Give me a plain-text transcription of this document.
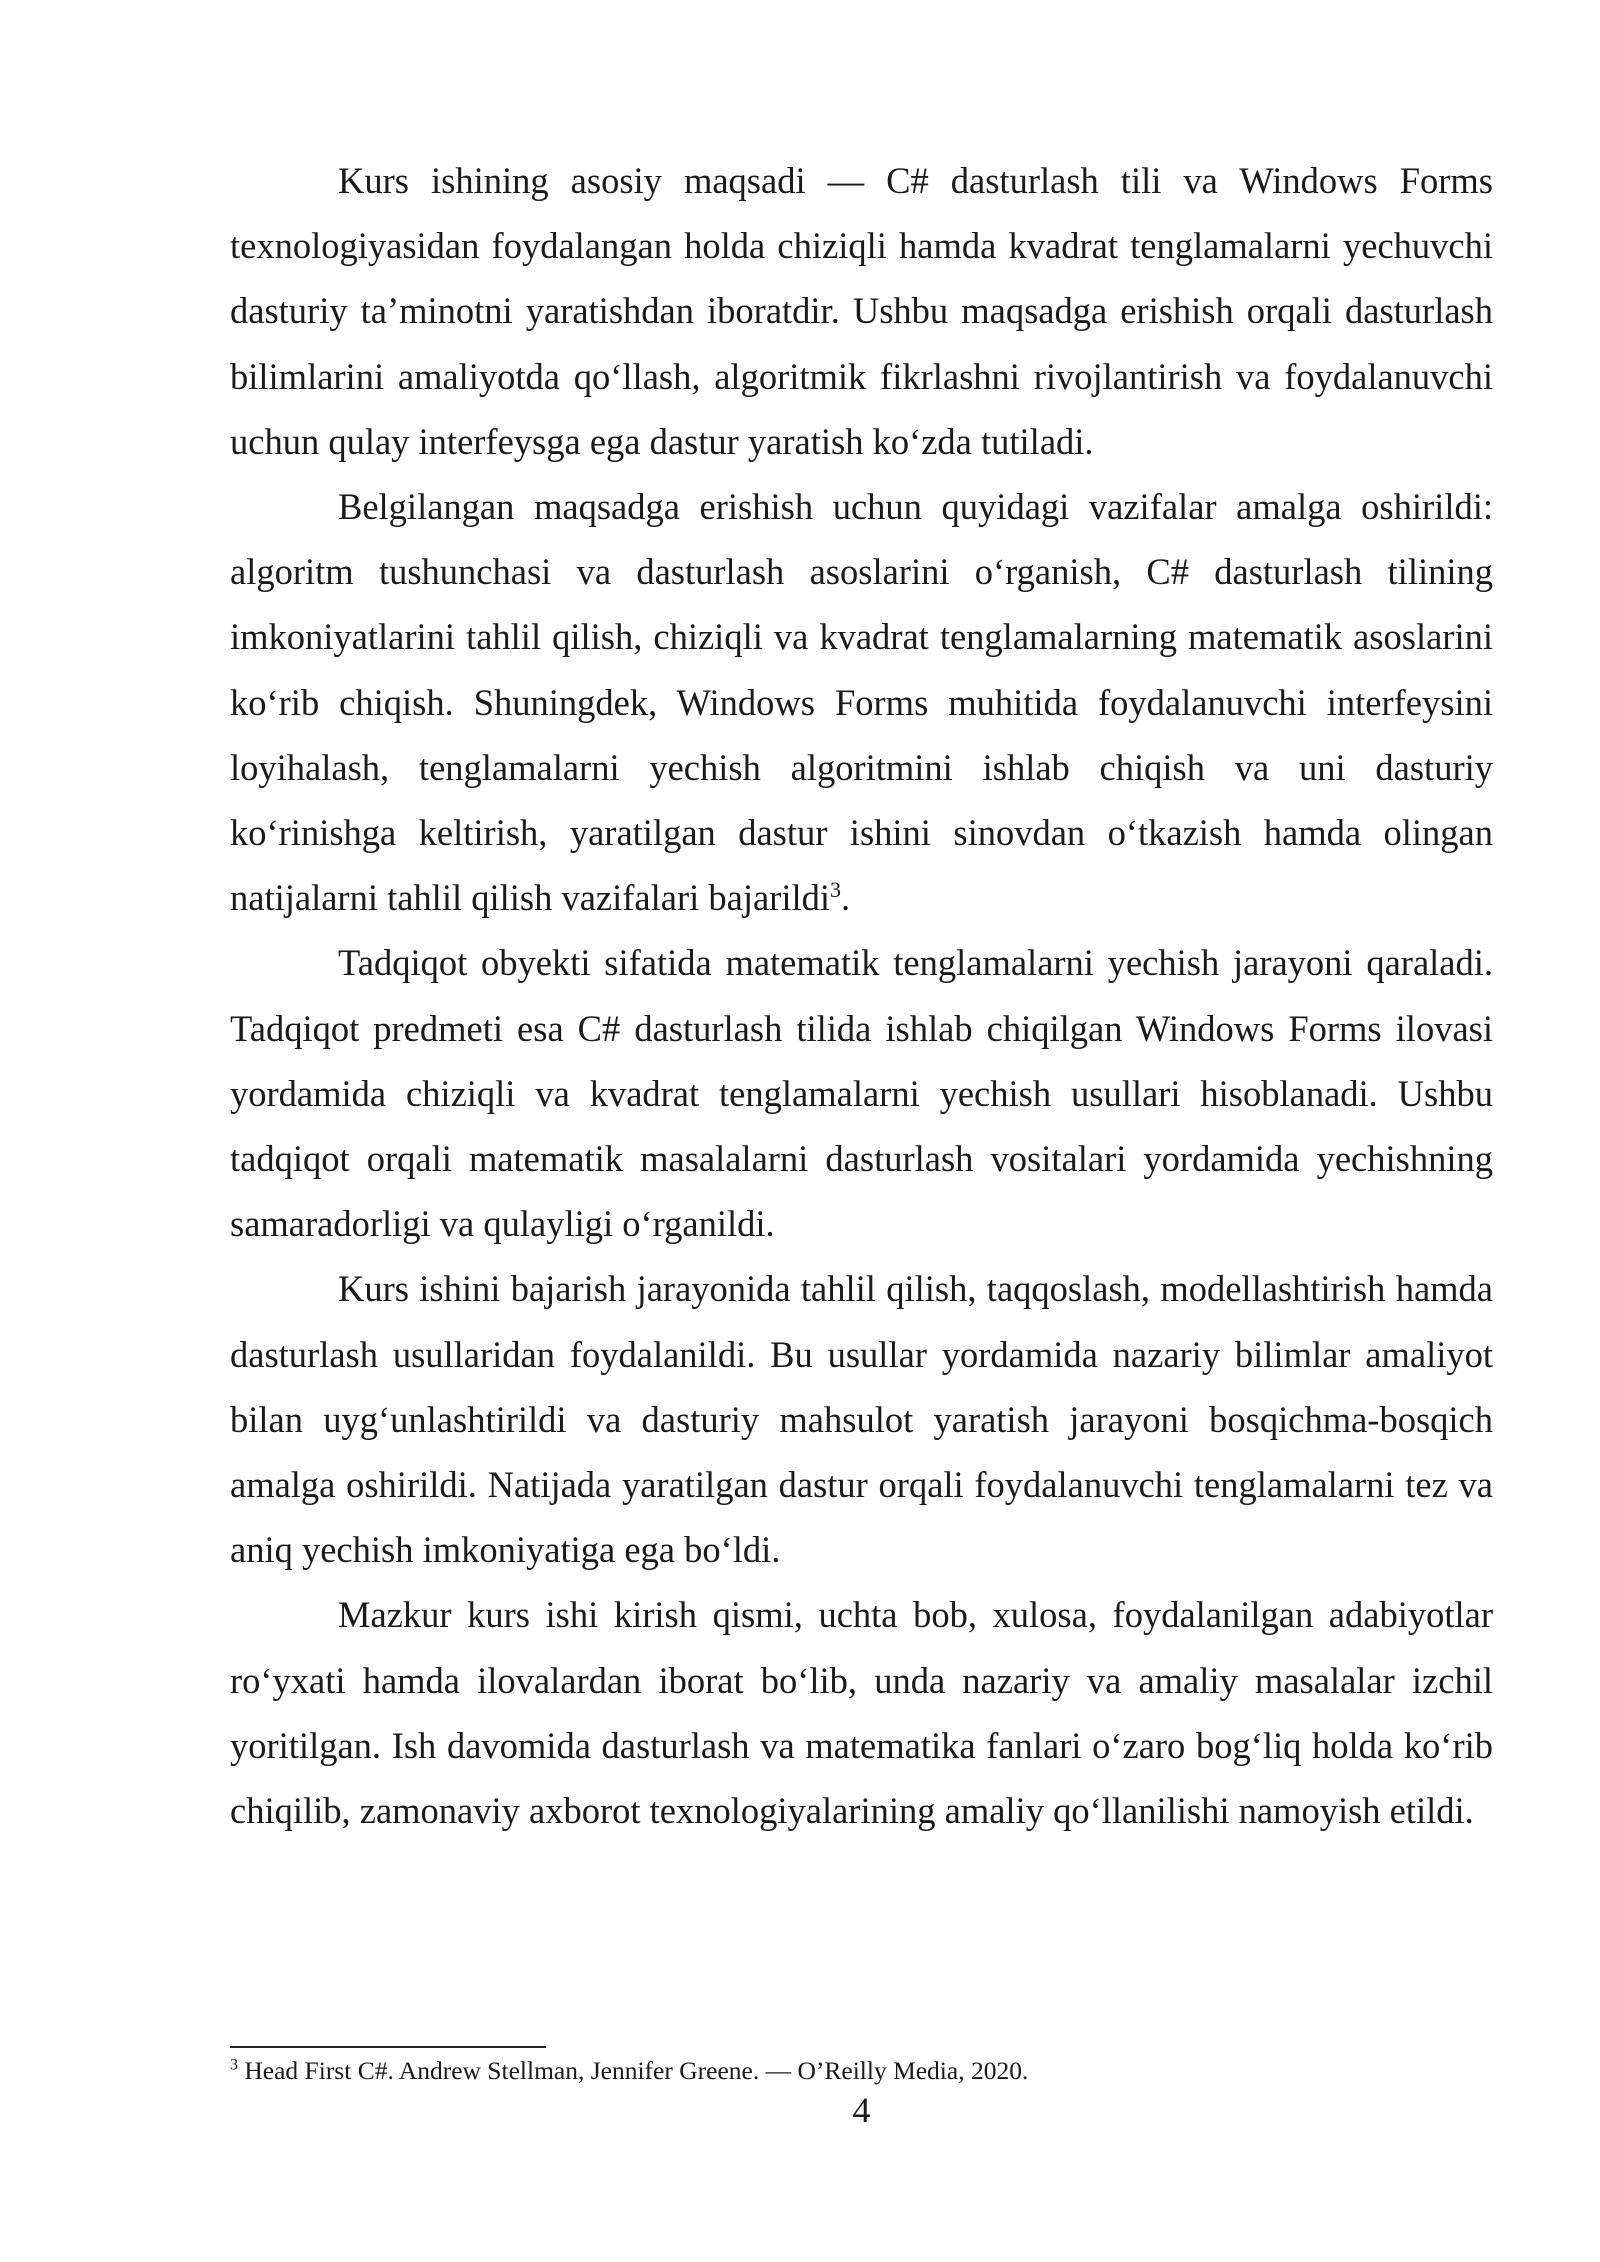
Kurs ishining asosiy maqsadi — C# dasturlash tili va Windows Forms texnologiyasidan foydalangan holda chiziqli hamda kvadrat tenglamalarni yechuvchi dasturiy ta’minotni yaratishdan iboratdir. Ushbu maqsadga erishish orqali dasturlash bilimlarini amaliyotda qo‘llash, algoritmik fikrlashni rivojlantirish va foydalanuvchi uchun qulay interfeysga ega dastur yaratish ko‘zda tutiladi.

Belgilangan maqsadga erishish uchun quyidagi vazifalar amalga oshirildi: algoritm tushunchasi va dasturlash asoslarini o‘rganish, C# dasturlash tilining imkoniyatlarini tahlil qilish, chiziqli va kvadrat tenglamalarning matematik asoslarini ko‘rib chiqish. Shuningdek, Windows Forms muhitida foydalanuvchi interfeysini loyihalash, tenglamalarni yechish algoritmini ishlab chiqish va uni dasturiy ko‘rinishga keltirish, yaratilgan dastur ishini sinovdan o‘tkazish hamda olingan natijalarni tahlil qilish vazifalari bajarildi$^3$.

Tadqiqot obyekti sifatida matematik tenglamalarni yechish jarayoni qaraladi. Tadqiqot predmeti esa C# dasturlash tilida ishlab chiqilgan Windows Forms ilovasi yordamida chiziqli va kvadrat tenglamalarni yechish usullari hisoblanadi. Ushbu tadqiqot orqali matematik masalalarni dasturlash vositalari yordamida yechishning samaradorligi va qulayligi o‘rganildi.

Kurs ishini bajarish jarayonida tahlil qilish, taqqoslash, modellashtirish hamda dasturlash usullaridan foydalanildi. Bu usullar yordamida nazariy bilimlar amaliyot bilan uyg‘unlashtirildi va dasturiy mahsulot yaratish jarayoni bosqichma-bosqich amalga oshirildi. Natijada yaratilgan dastur orqali foydalanuvchi tenglamalarni tez va aniq yechish imkoniyatiga ega bo‘ldi.

Mazkur kurs ishi kirish qismi, uchta bob, xulosa, foydalanilgan adabiyotlar ro‘yxati hamda ilovalardan iborat bo‘lib, unda nazariy va amaliy masalalar izchil yoritilgan. Ish davomida dasturlash va matematika fanlari o‘zaro bog‘liq holda ko‘rib chiqilib, zamonaviy axborot texnologiyalarining amaliy qo‘llanilishi namoyish etildi.

$^3$ Head First C#. Andrew Stellman, Jennifer Greene. — O’Reilly Media, 2020.
4
